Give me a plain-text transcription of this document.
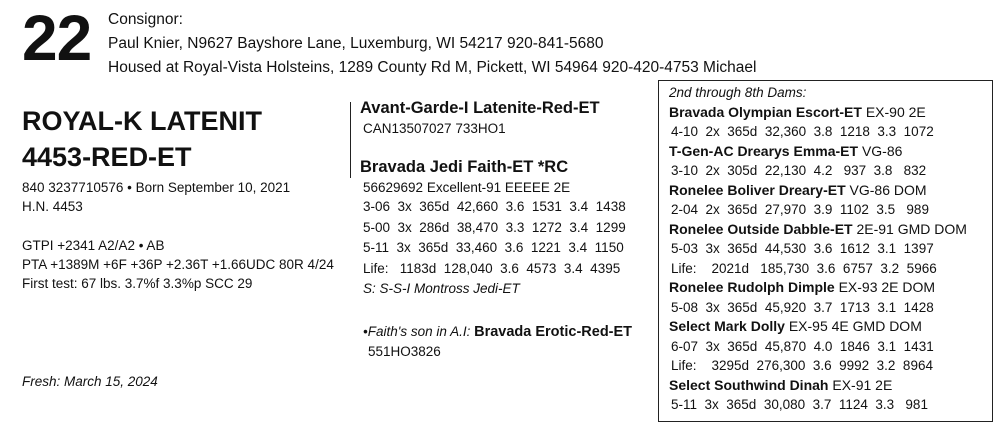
22 Consignor:
Paul Knier, N9627 Bayshore Lane, Luxemburg, WI 54217 920-841-5680
Housed at Royal-Vista Holsteins, 1289 County Rd M, Pickett, WI 54964 920-420-4753 Michael
ROYAL-K LATENIT
4453-RED-ET
840 3237710576 • Born September 10, 2021
H.N. 4453
GTPI +2341 A2/A2 • AB
PTA +1389M +6F +36P +2.36T +1.66UDC 80R 4/24
First test: 67 lbs. 3.7%f 3.3%p SCC 29
Fresh: March 15, 2024
Avant-Garde-I Latenite-Red-ET
CAN13507027 733HO1
Bravada Jedi Faith-ET *RC
56629692 Excellent-91 EEEEE 2E
3-06  3x  365d  42,660  3.6  1531  3.4  1438
5-00  3x  286d  38,470  3.3  1272  3.4  1299
5-11  3x  365d  33,460  3.6  1221  3.4  1150
Life:   1183d  128,040  3.6  4573  3.4  4395
S: S-S-I Montross Jedi-ET
•Faith's son in A.I: Bravada Erotic-Red-ET
551HO3826
2nd through 8th Dams:
Bravada Olympian Escort-ET EX-90 2E
4-10  2x  365d  32,360  3.8  1218  3.3  1072
T-Gen-AC Drearys Emma-ET VG-86
3-10  2x  305d  22,130  4.2   937  3.8   832
Ronelee Boliver Dreary-ET VG-86 DOM
2-04  2x  365d  27,970  3.9  1102  3.5   989
Ronelee Outside Dabble-ET 2E-91 GMD DOM
5-03  3x  365d  44,530  3.6  1612  3.1  1397
Life:    2021d   185,730  3.6  6757  3.2  5966
Ronelee Rudolph Dimple EX-93 2E DOM
5-08  3x  365d  45,920  3.7  1713  3.1  1428
Select Mark Dolly EX-95 4E GMD DOM
6-07  3x  365d  45,870  4.0  1846  3.1  1431
Life:    3295d  276,300  3.6  9992  3.2  8964
Select Southwind Dinah EX-91 2E
5-11  3x  365d  30,080  3.7  1124  3.3   981
